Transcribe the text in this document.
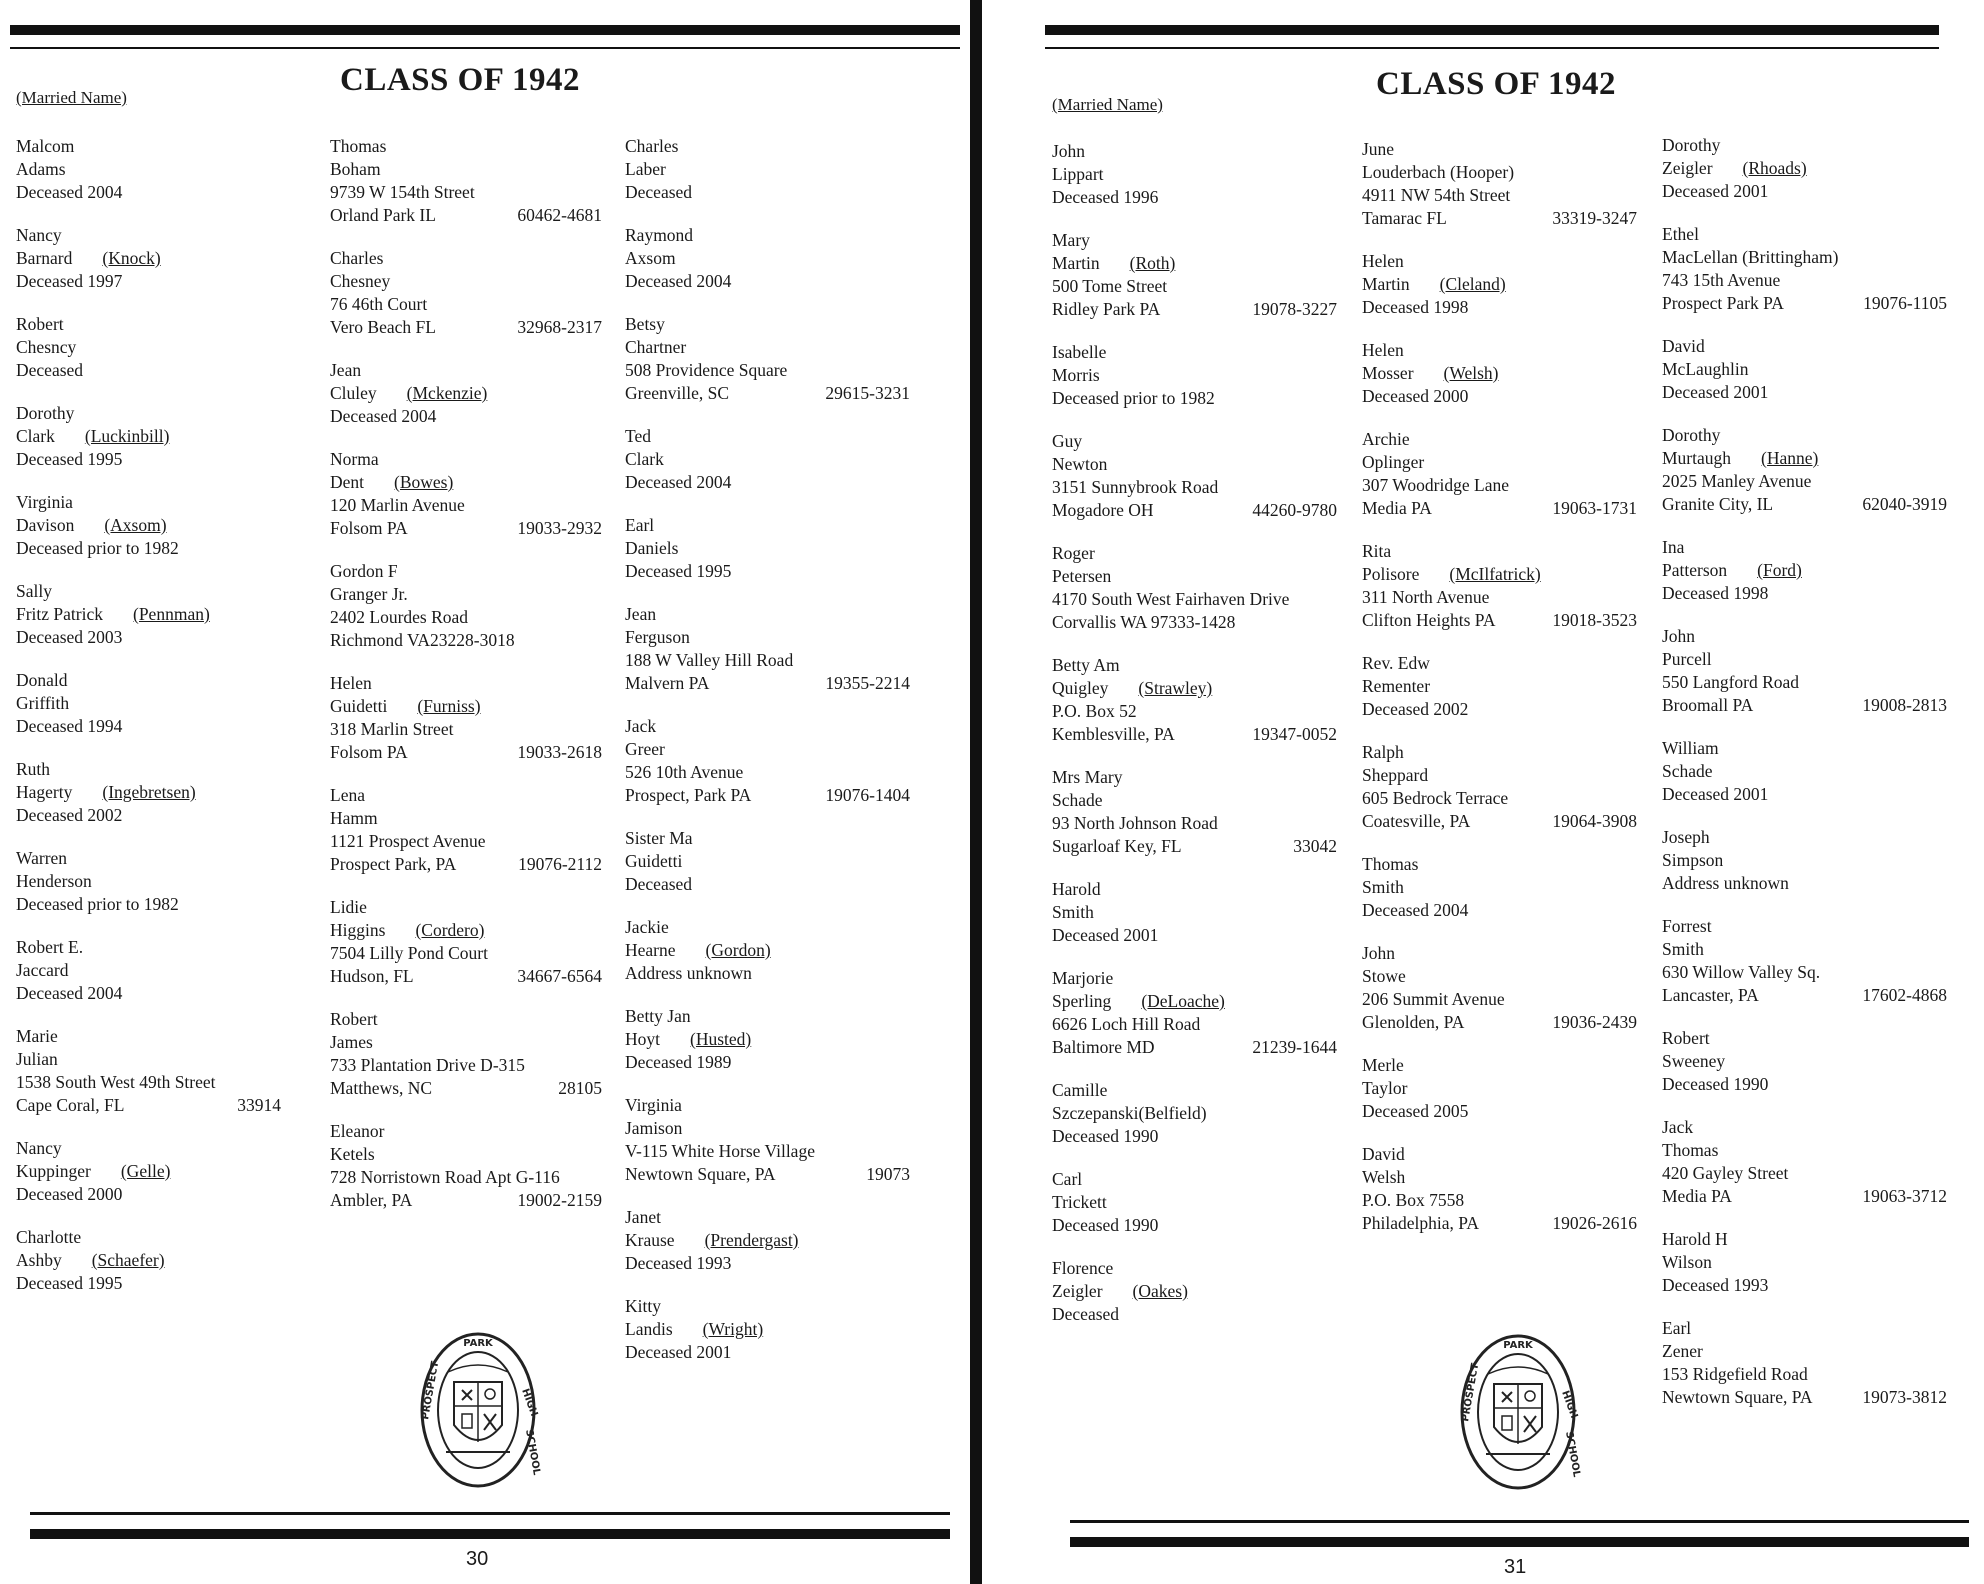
(Married Name)	CLASS OF 1942
Malcom
Adams
Deceased 2004
Nancy
Barnard (Knock)
Deceased 1997
Robert
Chesncy
Deceased
Dorothy
Clark (Luckinbill)
Deceased 1995
Virginia
Davison (Axsom)
Deceased prior to 1982
Sally
Fritz Patrick (Pennman)
Deceased 2003
Donald
Griffith
Deceased 1994
Ruth
Hagerty (Ingebretsen)
Deceased 2002
Warren
Henderson
Deceased prior to 1982
Robert E.
Jaccard
Deceased 2004
Marie
Julian
1538 South West 49th Street
Cape Coral, FL	33914
Nancy
Kuppinger (Gelle)
Deceased 2000
Charlotte
Ashby (Schaefer)
Deceased 1995
Thomas
Boham
9739 W 154th Street
Orland Park IL	60462-4681
Charles
Chesney
76 46th Court
Vero Beach FL	32968-2317
Jean
Cluley (Mckenzie)
Deceased 2004
Norma
Dent (Bowes)
120 Marlin Avenue
Folsom PA	19033-2932
Gordon F
Granger Jr.
2402 Lourdes Road
Richmond VA23228-3018
Helen
Guidetti (Furniss)
318 Marlin Street
Folsom PA	19033-2618
Lena
Hamm
1121 Prospect Avenue
Prospect Park, PA	19076-2112
Lidie
Higgins (Cordero)
7504 Lilly Pond Court
Hudson, FL	34667-6564
Robert
James
733 Plantation Drive D-315
Matthews, NC	28105
Eleanor
Ketels
728 Norristown Road Apt G-116
Ambler, PA	19002-2159
Charles
Laber
Deceased
Raymond
Axsom
Deceased 2004
Betsy
Chartner
508 Providence Square
Greenville, SC	29615-3231
Ted
Clark
Deceased 2004
Earl
Daniels
Deceased 1995
Jean
Ferguson
188 W Valley Hill Road
Malvern PA	19355-2214
Jack
Greer
526 10th Avenue
Prospect, Park PA	19076-1404
Sister Ma
Guidetti
Deceased
Jackie
Hearne (Gordon)
Address unknown
Betty Jan
Hoyt (Husted)
Deceased 1989
Virginia
Jamison
V-115 White Horse Village
Newtown Square, PA	19073
Janet
Krause (Prendergast)
Deceased 1993
Kitty
Landis (Wright)
Deceased 2001
PARK
HIGH
PROSPECT
SCHOOL
30
(Married Name)
CLASS OF 1942
John
Lippart
Deceased 1996
Mary
Martin (Roth)
500 Tome Street
Ridley Park PA	19078-3227
Isabelle
Morris
Deceased prior to 1982
Guy
Newton
3151 Sunnybrook Road
Mogadore OH	44260-9780
Roger
Petersen
4170 South West Fairhaven Drive
Corvallis WA 97333-1428
Betty Am
Quigley (Strawley)
P.O. Box 52
Kemblesville, PA	19347-0052
Mrs Mary
Schade
93 North Johnson Road
Sugarloaf Key, FL	33042
Harold
Smith
Deceased 2001
Marjorie
Sperling (DeLoache)
6626 Loch Hill Road
Baltimore MD	21239-1644
Camille
Szczepanski(Belfield)
Deceased 1990
Carl
Trickett
Deceased 1990
Florence
Zeigler (Oakes)
Deceased
June
Louderbach (Hooper)
4911 NW 54th Street
Tamarac FL	33319-3247
Helen
Martin (Cleland)
Deceased 1998
Helen
Mosser (Welsh)
Deceased 2000
Archie
Oplinger
307 Woodridge Lane
Media PA	19063-1731
Rita
Polisore (McIlfatrick)
311 North Avenue
Clifton Heights PA	19018-3523
Rev. Edw
Rementer
Deceased 2002
Ralph
Sheppard
605 Bedrock Terrace
Coatesville, PA	19064-3908
Thomas
Smith
Deceased 2004
John
Stowe
206 Summit Avenue
Glenolden, PA	19036-2439
Merle
Taylor
Deceased 2005
David
Welsh
P.O. Box 7558
Philadelphia, PA	19026-2616
Dorothy
Zeigler (Rhoads)
Deceased 2001
Ethel
MacLellan (Brittingham)
743 15th Avenue
Prospect Park PA	19076-1105
David
McLaughlin
Deceased 2001
Dorothy
Murtaugh (Hanne)
2025 Manley Avenue
Granite City, IL	62040-3919
Ina
Patterson (Ford)
Deceased 1998
John
Purcell
550 Langford Road
Broomall PA	19008-2813
William
Schade
Deceased 2001
Joseph
Simpson
Address unknown
Forrest
Smith
630 Willow Valley Sq.
Lancaster, PA	17602-4868
Robert
Sweeney
Deceased 1990
Jack
Thomas
420 Gayley Street
Media PA	19063-3712
Harold H
Wilson
Deceased 1993
Earl
Zener
153 Ridgefield Road
Newtown Square, PA	19073-3812
PARK
HIGH
PROSPECT
SCHOOL
31
